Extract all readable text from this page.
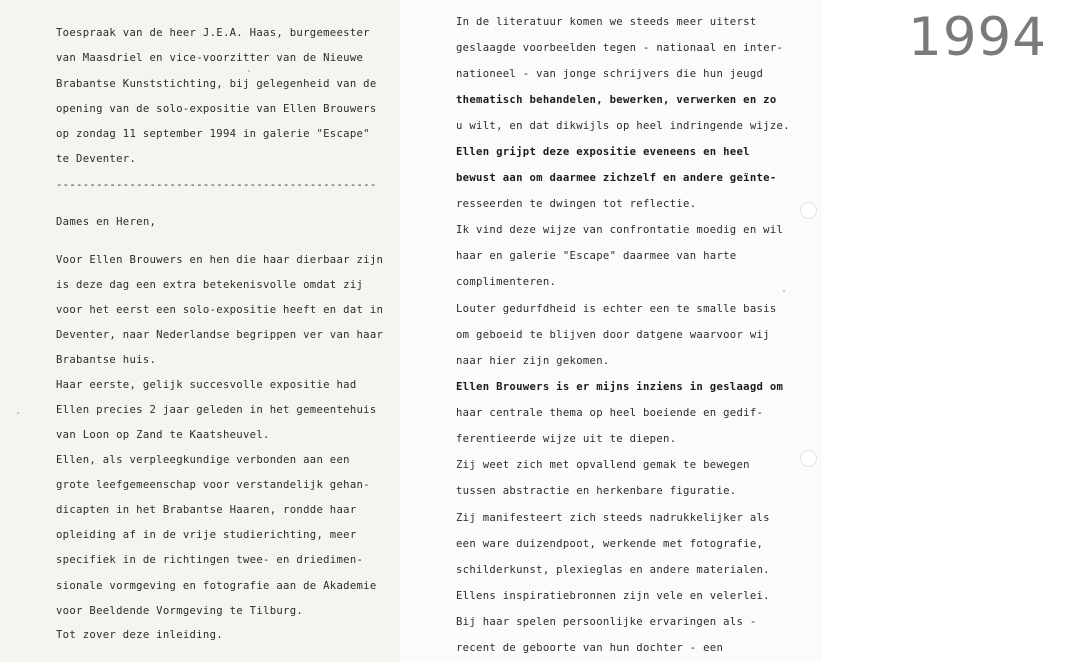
Toespraak van de heer J.E.A. Haas, burgemeester
van Maasdriel en vice-voorzitter van de Nieuwe
Brabantse Kunststichting, bij gelegenheid van de
opening van de solo-expositie van Ellen Brouwers
op zondag 11 september 1994 in galerie "Escape"
te Deventer.
------------------------------------------------
Dames en Heren,
Voor Ellen Brouwers en hen die haar dierbaar zijn
is deze dag een extra betekenisvolle omdat zij
voor het eerst een solo-expositie heeft en dat in
Deventer, naar Nederlandse begrippen ver van haar
Brabantse huis.
Haar eerste, gelijk succesvolle expositie had
Ellen precies 2 jaar geleden in het gemeentehuis
van Loon op Zand te Kaatsheuvel.
Ellen, als verpleegkundige verbonden aan een
grote leefgemeenschap voor verstandelijk gehan-
dicapten in het Brabantse Haaren, rondde haar
opleiding af in de vrije studierichting, meer
specifiek in de richtingen twee- en driedimen-
sionale vormgeving en fotografie aan de Akademie
voor Beeldende Vormgeving te Tilburg.
Tot zover deze inleiding.
In de literatuur komen we steeds meer uiterst
geslaagde voorbeelden tegen - nationaal en inter-
nationeel - van jonge schrijvers die hun jeugd
thematisch behandelen, bewerken, verwerken en zo
u wilt, en dat dikwijls op heel indringende wijze.
Ellen grijpt deze expositie eveneens en heel
bewust aan om daarmee zichzelf en andere geïnte-
resseerden te dwingen tot reflectie.
Ik vind deze wijze van confrontatie moedig en wil
haar en galerie "Escape" daarmee van harte
complimenteren.
Louter gedurfdheid is echter een te smalle basis
om geboeid te blijven door datgene waarvoor wij
naar hier zijn gekomen.
Ellen Brouwers is er mijns inziens in geslaagd om
haar centrale thema op heel boeiende en gedif-
ferentieerde wijze uit te diepen.
Zij weet zich met opvallend gemak te bewegen
tussen abstractie en herkenbare figuratie.
Zij manifesteert zich steeds nadrukkelijker als
een ware duizendpoot, werkende met fotografie,
schilderkunst, plexieglas en andere materialen.
Ellens inspiratiebronnen zijn vele en velerlei.
Bij haar spelen persoonlijke ervaringen als -
recent de geboorte van hun dochter - een
1994
